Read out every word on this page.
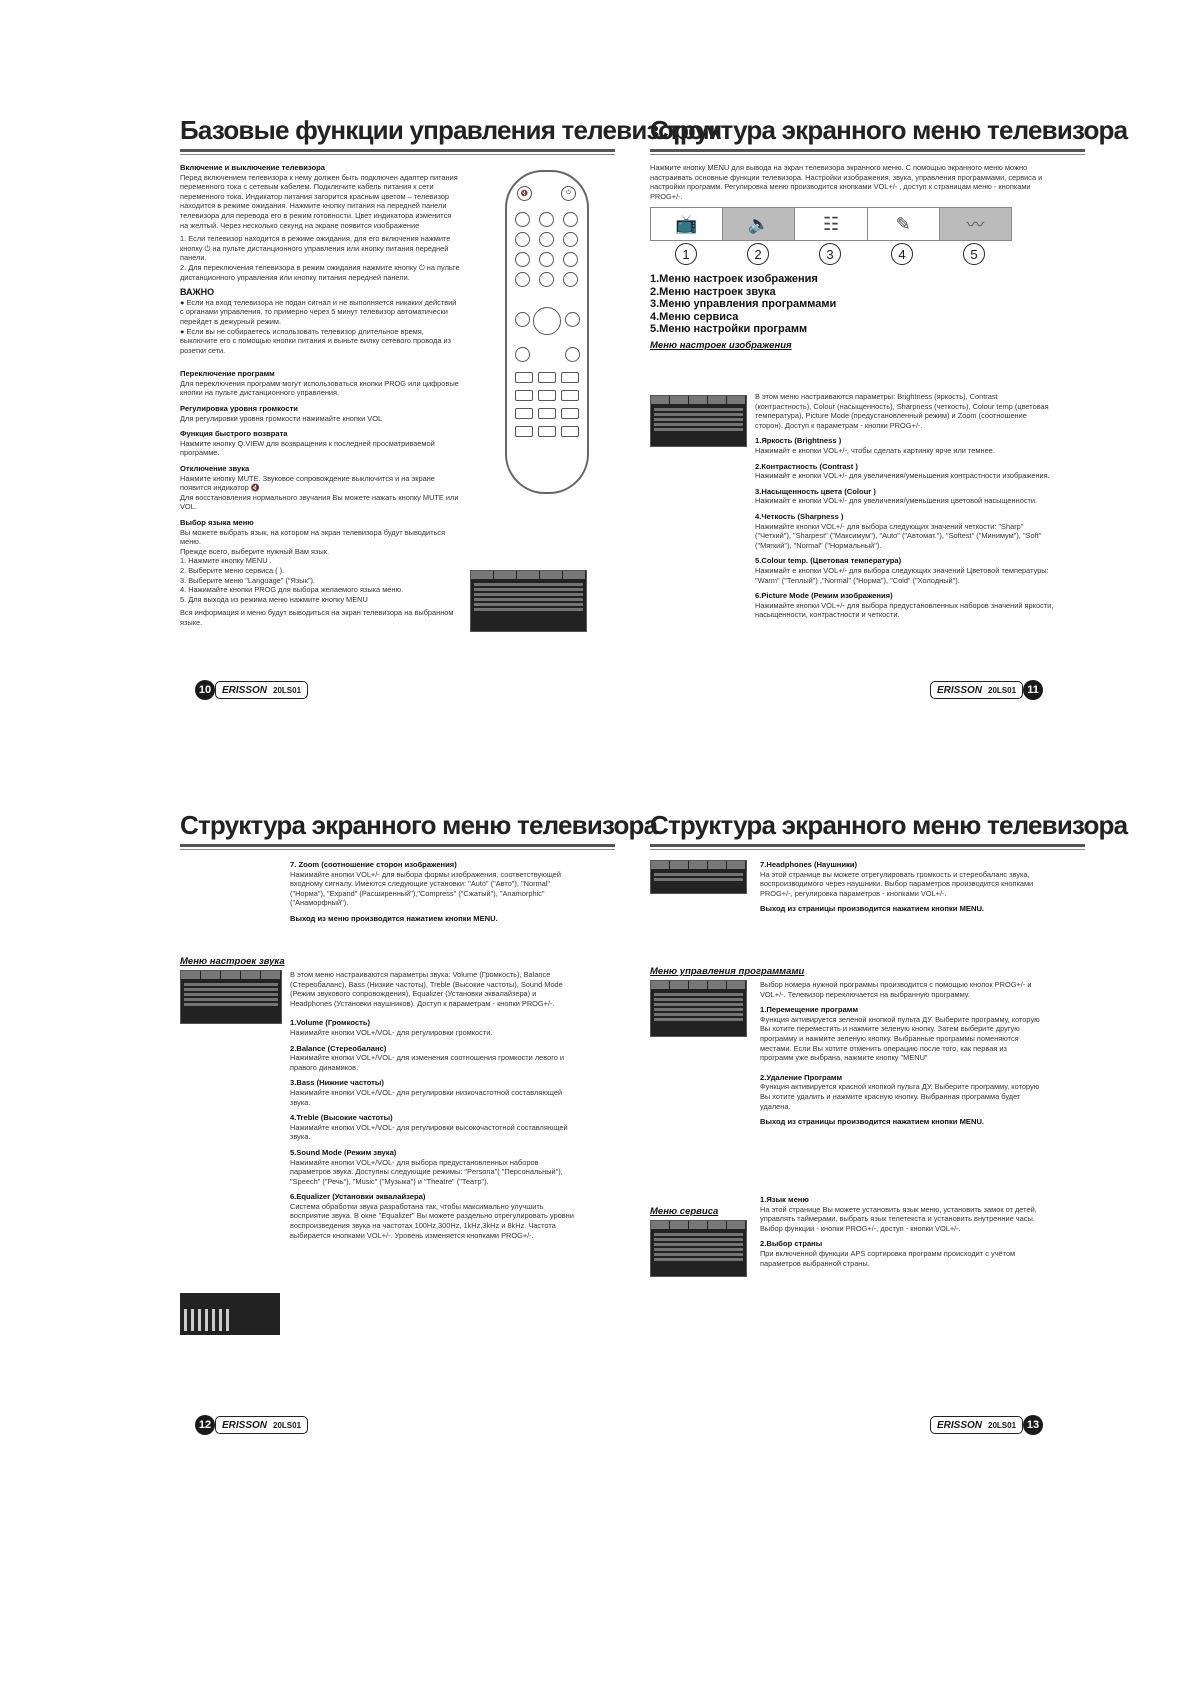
Базовые функции управления телевизором
Включение и выключение телевизора

Перед включением телевизора к нему должен быть подключен адаптер питания переменного тока с сетевым кабелем. Подключите кабель питания к сети переменного тока. Индикатор питания загорится красным цветом – телевизор находится в режиме ожидания. Нажмите кнопку питания на передней панели телевизора для перевода его в режим готовности. Цвет индикатора изменится на желтый. Через несколько секунд на экране появится изображение

1. Если телевизор находится в режиме ожидания, для его включения нажмите кнопку ⏻ на пульте дистанционного управления или кнопку питания передней панели.

2. Для переключения телевизора в режим ожидания нажмите кнопку ⏻ на пульте дистанционного управления или кнопку питания передней панели.

ВАЖНО

● Если на вход телевизора не подан сигнал и не выполняется никаких действий с органами управления, то примерно через 5 минут телевизор автоматически перейдет в дежурный режим.

● Если вы не собираетесь использовать телевизор длительное время, выключите его с помощью кнопки питания и выньте вилку сетевого провода из розетки сети.

Переключение программ

Для переключения программ могут использоваться кнопки PROG или цифровые кнопки на пульте дистанционного управления.

Регулировка уровня громкости

Для регулировки уровня громкости нажимайте кнопки VOL

Функция быстрого возврата

Нажмите кнопку Q.VIEW для возвращения к последней просматриваемой программе.

Отключение звука

Нажмите кнопку MUTE. Звуковое сопровождение выключится и на экране появится индикатор 🔇

Для восстановления нормального звучания Вы можете нажать кнопку MUTE или VOL.

Выбор языка меню

Вы можете выбрать язык, на котором на экран телевизора будут выводиться меню.

Прежде всего, выберите нужный Вам язык.

1. Нажмите кнопку MENU .

2. Выберите меню сервиса ( ).

3. Выберите меню "Language" ("Язык").

4. Нажимайте кнопки PROG для выбора желаемого языка меню.

5. Для выхода из режима меню нажмите кнопку MENU

Вся информация и меню будут выводиться на экран телевизора на выбранном языке.

🔇	⏻
10	ERISSON 20LS01
Структура экранного меню телевизора
Нажмите кнопку MENU для вывода на экран телевизора экранного меню. С помощью экранного меню можно настраивать основные функции телевизора. Настройки изображения, звука, управления программами, сервиса и настройки программ. Регулировка меню производится кнопками VOL+/- , доступ к страницам меню - кнопками PROG+/-.
📺	🔈	☷	✎	〰
1	2	3	4	5
1.Меню настроек изображения
2.Меню настроек звука
3.Меню управления программами
4.Меню сервиса
5.Меню настройки программ
Меню настроек изображения

В этом меню настраиваются параметры: Brightness (яркость), Contrast (контрастность), Colour (насыщенность), Sharpness (четкость), Colour temp (цветовая температура), Picture Mode (предустановленный режим) и Zoom (соотношение сторон). Доступ к параметрам - кнопки PROG+/-.

1.Яркость (Brightness )

Нажимайт е кнопки VOL+/-, чтобы сделать картинку ярче или темнее.

2.Контрастность (Contrast )

Нажимайт е кнопки VOL+/- для увеличения/уменьшения контрастности изображения.

3.Насыщенность цвета (Colour )

Нажимайт е кнопки VOL+/- для увеличения/уменьшения цветовой насыщенности.

4.Четкость (Sharpness )

Нажимайте кнопки VOL+/- для выбора следующих значений четкости: "Sharp" ("Четкий"), "Sharpest" ("Максимум"), "Auto" ("Автомат."), "Softest" ("Минимум"), "Soft" ("Мягкий"), "Normal" ("Нормальный").

5.Colour temp. (Цветовая температура)

Нажимайт е кнопки VOL+/- для выбора следующих значений Цветовой температуры: "Warm" ("Теплый") ,"Normal" ("Норма"), "Cold" ("Холодный").

6.Picture Mode (Режим изображения)

Нажимайте кнопки VOL+/- для выбора предустановленных наборов значений яркости, насыщенности, контрастности и четкости.

ERISSON 20LS01	11
Структура экранного меню телевизора
7. Zoom (соотношение сторон изображения)

Нажимайте кнопки VOL+/- для выбора формы изображения, соответствующей входному сигналу. Имеются следующие установки: "Auto" ("Авто"), "Normal" ("Норма"), "Expand" (Расширенный"),"Compress" ("Сжатый"), "Anamorphic" ("Анаморфный").

Выход из меню производится нажатием кнопки MENU.
Меню настроек звука

В этом меню настраиваются параметры звука: Volume (Громкость), Balance (Стереобаланс), Bass (Низкие частоты), Treble (Высокие частоты), Sound Mode (Режим звукового сопровождения), Equalizer (Установки эквалайзера) и Headphones (Установки наушников). Доступ к параметрам - кнопки PROG+/-.

1.Volume (Громкость)

Нажимайте кнопки VOL+/VOL- для регулировки громкости.

2.Balance (Стереобаланс)

Нажимайте кнопки VOL+/VOL- для изменения соотношения громкости левого и правого динамиков.

3.Bass (Нижние частоты)

Нажимайте кнопки VOL+/VOL- для регулировки низкочастотной составляющей звука.

4.Treble (Высокие частоты)

Нажимайте кнопки VOL+/VOL- для регулировки высокочастотной составляющей звука.

5.Sound Mode (Режим звука)

Нажимайте кнопки VOL+/VOL- для выбора предустановленных наборов параметров звука. Доступны следующие режимы: "Persona"( "Персональный"), "Speech" ("Речь"), "Music" ("Музыка") и "Theatre" ("Театр").

6.Equalizer (Установки эквалайзера)

Система обработки звука разработана так, чтобы максимально улучшить восприятие звука. В окне "Equalizer" Вы можете раздельно отрегулировать уровни воспроизведения звука на частотах 100Hz,300Hz, 1kHz,3kHz и 8kHz. Частота выбирается кнопками VOL+/-. Уровень изменяется кнопками PROG+/-.

12	ERISSON 20LS01
Структура экранного меню телевизора
7.Headphones (Наушники)

На этой странице вы можете отрегулировать громкость и стереобаланс звука, воспроизводимого через наушники. Выбор параметров производится кнопками PROG+/-, регулировка параметров - кнопками VOL+/-.

Выход из страницы производится нажатием кнопки MENU.
Меню управления программами

Выбор номера нужной программы производится с помощью кнопок PROG+/- и VOL+/-. Телевизор переключается на выбранную программу.

1.Перемещение программ

Функция активируется зеленой кнопкой пульта ДУ. Выберите программу, которую Вы хотите переместить и нажмите зеленую кнопку. Затем выберите другую программу и нажмите зеленую кнопку. Выбранные программы поменяются местами. Если Вы хотите отменить операцию после того, как первая из программ уже выбрана, нажмите кнопку "MENU"

2.Удаление Программ

Функция активируется красной кнопкой пульта ДУ. Выберите программу, которую Вы хотите удалить и нажмите красную кнопку. Выбранная программа будет удалена.

Выход из страницы производится нажатием кнопки MENU.
Меню сервиса
1.Язык меню

На этой странице Вы можете установить язык меню, установить замок от детей, управлять таймерами, выбрать язык телетекста и установить внутренние часы. Выбор функции - кнопки PROG+/-, доступ - кнопки VOL+/-.

2.Выбор страны

При включенной функции APS сортировка программ происходит с учётом параметров выбранной страны.

ERISSON 20LS01 13
